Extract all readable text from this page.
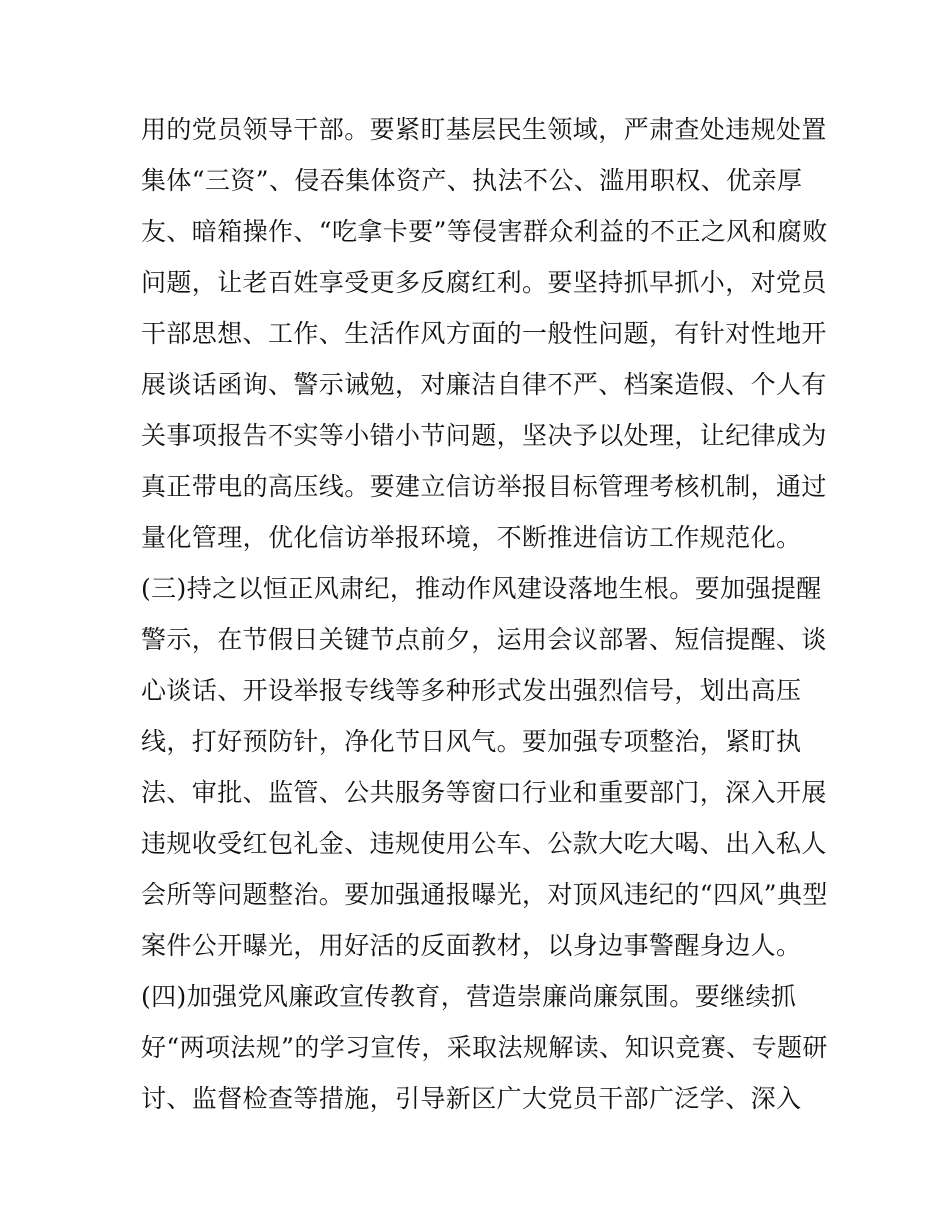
用的党员领导干部。要紧盯基层民生领域，严肃查处违规处置
集体“三资”、侵吞集体资产、执法不公、滥用职权、优亲厚
友、暗箱操作、“吃拿卡要”等侵害群众利益的不正之风和腐败
问题，让老百姓享受更多反腐红利。要坚持抓早抓小，对党员
干部思想、工作、生活作风方面的一般性问题，有针对性地开
展谈话函询、警示诫勉，对廉洁自律不严、档案造假、个人有
关事项报告不实等小错小节问题，坚决予以处理，让纪律成为
真正带电的高压线。要建立信访举报目标管理考核机制，通过
量化管理，优化信访举报环境，不断推进信访工作规范化。
(三)持之以恒正风肃纪，推动作风建设落地生根。要加强提醒
警示，在节假日关键节点前夕，运用会议部署、短信提醒、谈
心谈话、开设举报专线等多种形式发出强烈信号，划出高压
线，打好预防针，净化节日风气。要加强专项整治，紧盯执
法、审批、监管、公共服务等窗口行业和重要部门，深入开展
违规收受红包礼金、违规使用公车、公款大吃大喝、出入私人
会所等问题整治。要加强通报曝光，对顶风违纪的“四风”典型
案件公开曝光，用好活的反面教材，以身边事警醒身边人。
(四)加强党风廉政宣传教育，营造崇廉尚廉氛围。要继续抓
好“两项法规”的学习宣传，采取法规解读、知识竞赛、专题研
讨、监督检查等措施，引导新区广大党员干部广泛学、深入
